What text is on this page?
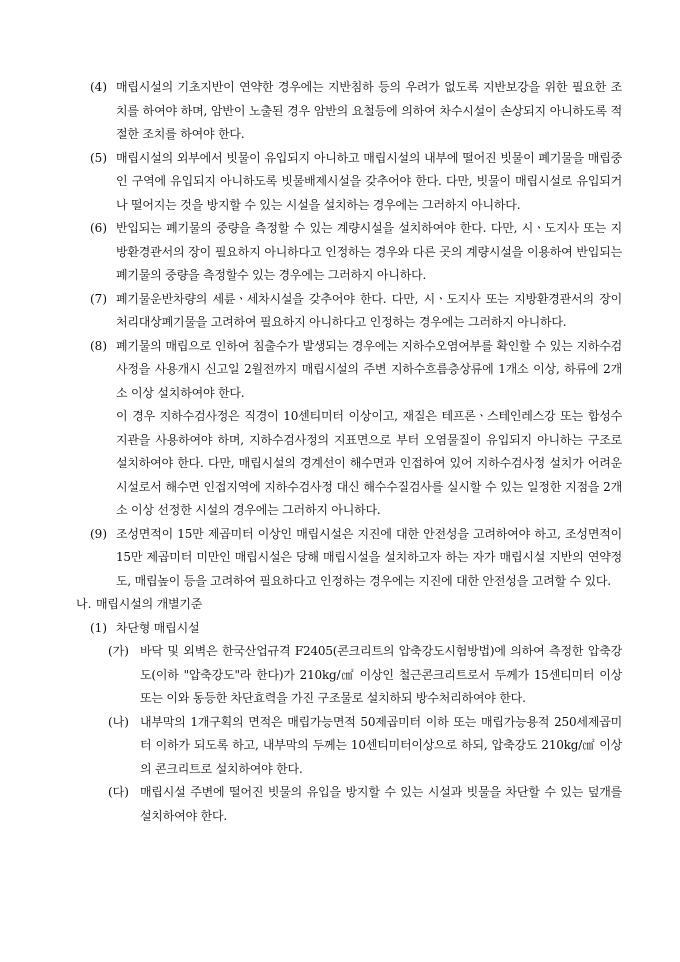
(4) 매립시설의 기초지반이 연약한 경우에는 지반침하 등의 우려가 없도록 지반보강을 위한 필요한 조치를 하여야 하며, 암반이 노출된 경우 암반의 요철등에 의하여 차수시설이 손상되지 아니하도록 적절한 조치를 하여야 한다.
(5) 매립시설의 외부에서 빗물이 유입되지 아니하고 매립시설의 내부에 떨어진 빗물이 폐기물을 매립중인 구역에 유입되지 아니하도록 빗물배제시설을 갖추어야 한다. 다만, 빗물이 매립시설로 유입되거나 떨어지는 것을 방지할 수 있는 시설을 설치하는 경우에는 그러하지 아니하다.
(6) 반입되는 폐기물의 중량을 측정할 수 있는 계량시설을 설치하여야 한다. 다만, 시ㆍ도지사 또는 지방환경관서의 장이 필요하지 아니하다고 인정하는 경우와 다른 곳의 계량시설을 이용하여 반입되는 폐기물의 중량을 측정할수 있는 경우에는 그러하지 아니하다.
(7) 폐기물운반차량의 세륜ㆍ세차시설을 갖추어야 한다. 다만, 시ㆍ도지사 또는 지방환경관서의 장이 처리대상폐기물을 고려하여 필요하지 아니하다고 인정하는 경우에는 그러하지 아니하다.
(8) 폐기물의 매립으로 인하여 침출수가 발생되는 경우에는 지하수오염여부를 확인할 수 있는 지하수검사정을 사용개시 신고일 2월전까지 매립시설의 주변 지하수흐름층상류에 1개소 이상, 하류에 2개소 이상 설치하여야 한다.
이 경우 지하수검사정은 직경이 10센티미터 이상이고, 재질은 테프론ㆍ스테인레스강 또는 합성수지관을 사용하여야 하며, 지하수검사정의 지표면으로 부터 오염물질이 유입되지 아니하는 구조로 설치하여야 한다. 다만, 매립시설의 경계선이 해수면과 인접하여 있어 지하수검사정 설치가 어려운 시설로서 해수면 인접지역에 지하수검사정 대신 해수수질검사를 실시할 수 있는 일정한 지점을 2개소 이상 선정한 시설의 경우에는 그러하지 아니하다.
(9) 조성면적이 15만 제곱미터 이상인 매립시설은 지진에 대한 안전성을 고려하여야 하고, 조성면적이 15만 제곱미터 미만인 매립시설은 당해 매립시설을 설치하고자 하는 자가 매립시설 지반의 연약정도, 매립높이 등을 고려하여 필요하다고 인정하는 경우에는 지진에 대한 안전성을 고려할 수 있다.
나. 매립시설의 개별기준
(1) 차단형 매립시설
(가) 바닥 및 외벽은 한국산업규격 F2405(콘크리트의 압축강도시험방법)에 의하여 측정한 압축강도(이하 "압축강도"라 한다)가 210kg/㎠ 이상인 철근콘크리트로서 두께가 15센티미터 이상 또는 이와 동등한 차단효력을 가진 구조물로 설치하되 방수처리하여야 한다.
(나) 내부막의 1개구획의 면적은 매립가능면적 50제곱미터 이하 또는 매립가능용적 250세제곱미터 이하가 되도록 하고, 내부막의 두께는 10센티미터이상으로 하되, 압축강도 210kg/㎠ 이상의 콘크리트로 설치하여야 한다.
(다) 매립시설 주변에 떨어진 빗물의 유입을 방지할 수 있는 시설과 빗물을 차단할 수 있는 덮개를 설치하여야 한다.
